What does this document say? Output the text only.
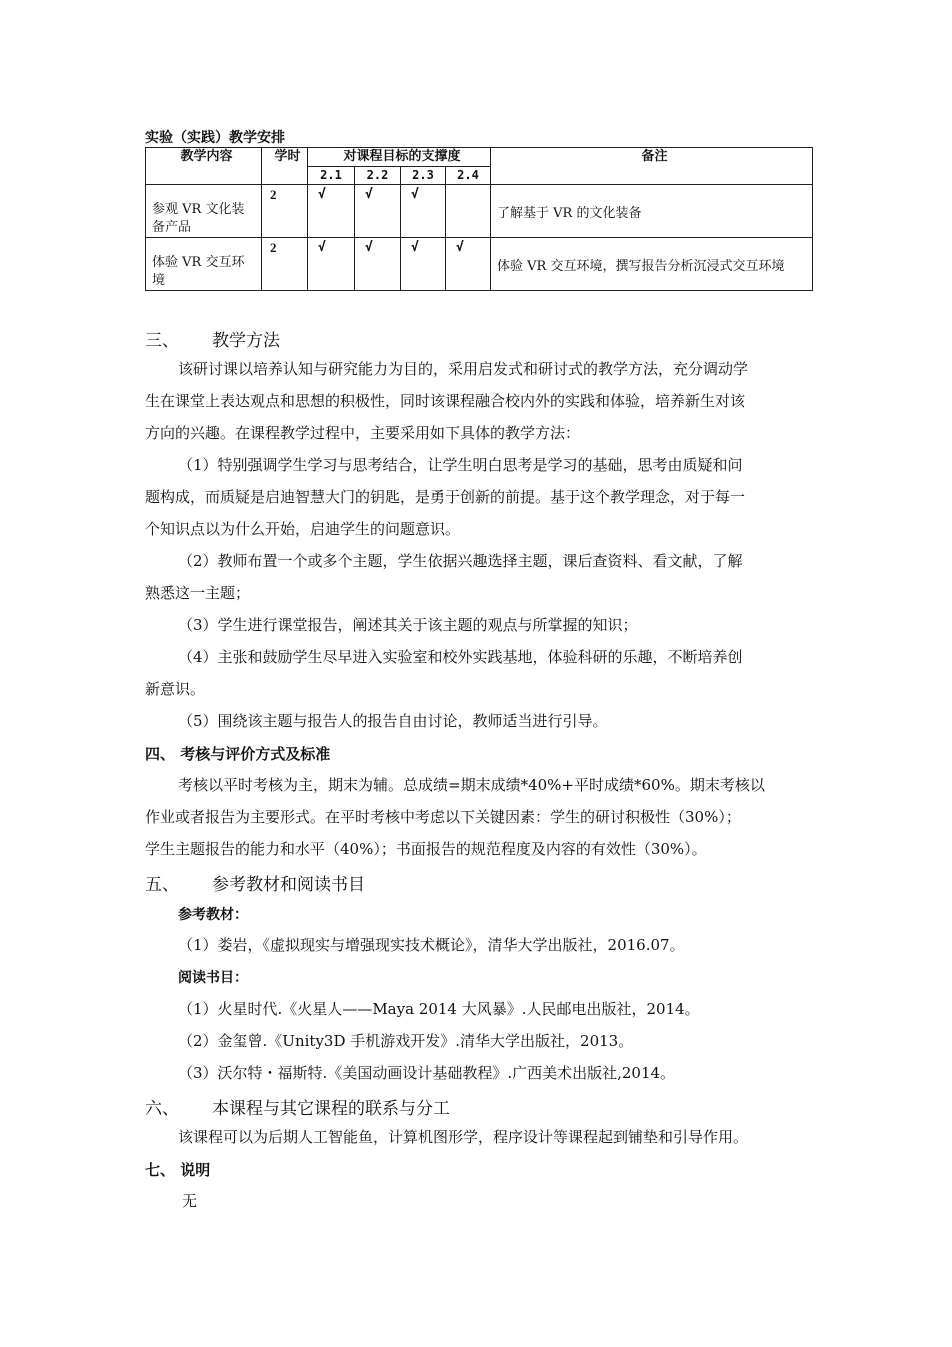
实验（实践）教学安排
教学内容	学时	对课程目标的支撑度				备注
		2.1	2.2	2.3	2.4	
参观 VR 文化装备产品	2	√	√	√		了解基于 VR 的文化装备
体验 VR 交互环境	2	√	√	√	√	体验 VR 交互环境，撰写报告分析沉浸式交互环境
三、 教学方法
该研讨课以培养认知与研究能力为目的，采用启发式和研讨式的教学方法，充分调动学
生在课堂上表达观点和思想的积极性，同时该课程融合校内外的实践和体验，培养新生对该
方向的兴趣。在课程教学过程中，主要采用如下具体的教学方法：
（1）特别强调学生学习与思考结合，让学生明白思考是学习的基础，思考由质疑和问
题构成，而质疑是启迪智慧大门的钥匙，是勇于创新的前提。基于这个教学理念，对于每一
个知识点以为什么开始，启迪学生的问题意识。
（2）教师布置一个或多个主题，学生依据兴趣选择主题，课后查资料、看文献，了解
熟悉这一主题；
（3）学生进行课堂报告，阐述其关于该主题的观点与所掌握的知识；
（4）主张和鼓励学生尽早进入实验室和校外实践基地，体验科研的乐趣，不断培养创
新意识。
（5）围绕该主题与报告人的报告自由讨论，教师适当进行引导。
四、 考核与评价方式及标准
考核以平时考核为主，期末为辅。总成绩=期末成绩*40%+平时成绩*60%。期末考核以
作业或者报告为主要形式。在平时考核中考虑以下关键因素：学生的研讨积极性（30%）；
学生主题报告的能力和水平（40%）；书面报告的规范程度及内容的有效性（30%）。
五、 参考教材和阅读书目
参考教材：
（1）娄岩，《虚拟现实与增强现实技术概论》，清华大学出版社，2016.07。
阅读书目：
（1）火星时代.《火星人——Maya 2014 大风暴》.人民邮电出版社，2014。
（2）金玺曾.《Unity3D 手机游戏开发》.清华大学出版社，2013。
（3）沃尔特・福斯特.《美国动画设计基础教程》.广西美术出版社,2014。
六、 本课程与其它课程的联系与分工
该课程可以为后期人工智能鱼，计算机图形学，程序设计等课程起到铺垫和引导作用。
七、 说明
无
